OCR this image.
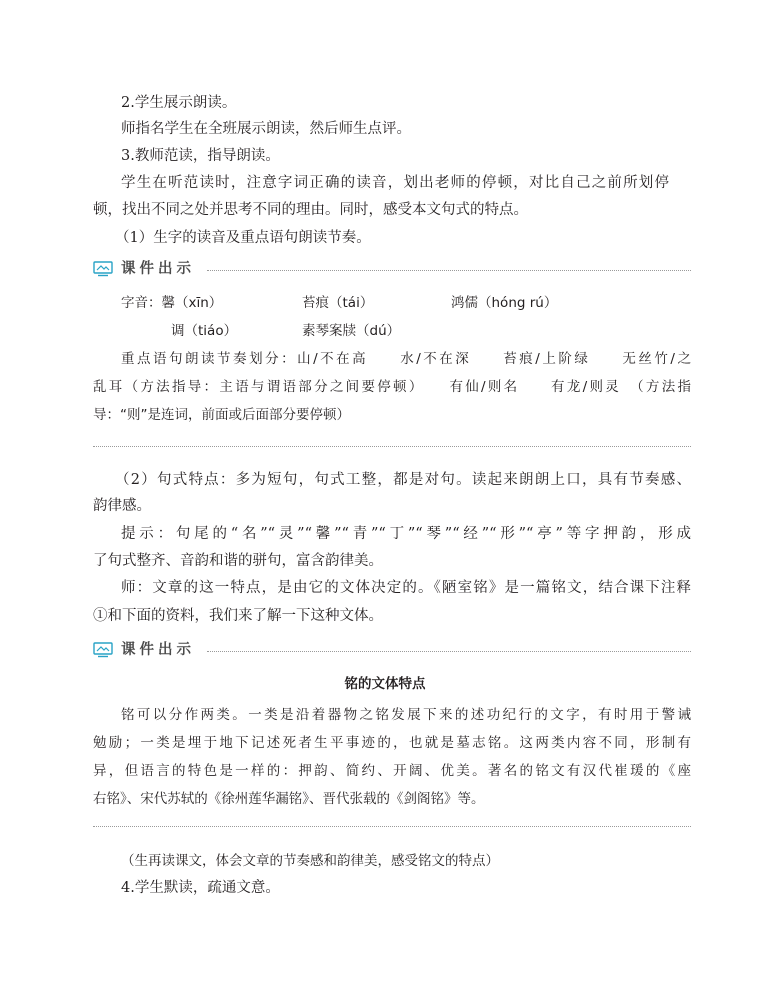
2.学生展示朗读。
师指名学生在全班展示朗读，然后师生点评。
3.教师范读，指导朗读。
学生在听范读时，注意字词正确的读音，划出老师的停顿，对比自己之前所划停
顿，找出不同之处并思考不同的理由。同时，感受本文句式的特点。
（1）生字的读音及重点语句朗读节奏。
课件出示
字音：馨（xīn）	苔痕（tái）	鸿儒（hóng rú）
调（tiáo）	素琴案牍（dú）
重点语句朗读节奏划分：山/不在高　　水/不在深　　苔痕/上阶绿　　无丝竹/之
乱耳（方法指导：主语与谓语部分之间要停顿）　　有仙/则名　　有龙/则灵　（方法指
导：“则”是连词，前面或后面部分要停顿）
（2）句式特点：多为短句，句式工整，都是对句。读起来朗朗上口，具有节奏感、
韵律感。
提示：句尾的“名”“灵”“馨”“青”“丁”“琴”“经”“形”“亭”等字押韵，形成
了句式整齐、音韵和谐的骈句，富含韵律美。
师：文章的这一特点，是由它的文体决定的。《陋室铭》是一篇铭文，结合课下注释
①和下面的资料，我们来了解一下这种文体。
课件出示
铭的文体特点
铭可以分作两类。一类是沿着器物之铭发展下来的述功纪行的文字，有时用于警诫
勉励；一类是埋于地下记述死者生平事迹的，也就是墓志铭。这两类内容不同，形制有
异，但语言的特色是一样的：押韵、简约、开阔、优美。著名的铭文有汉代崔瑗的《座
右铭》、宋代苏轼的《徐州莲华漏铭》、晋代张载的《剑阁铭》等。
（生再读课文，体会文章的节奏感和韵律美，感受铭文的特点）
4.学生默读，疏通文意。
